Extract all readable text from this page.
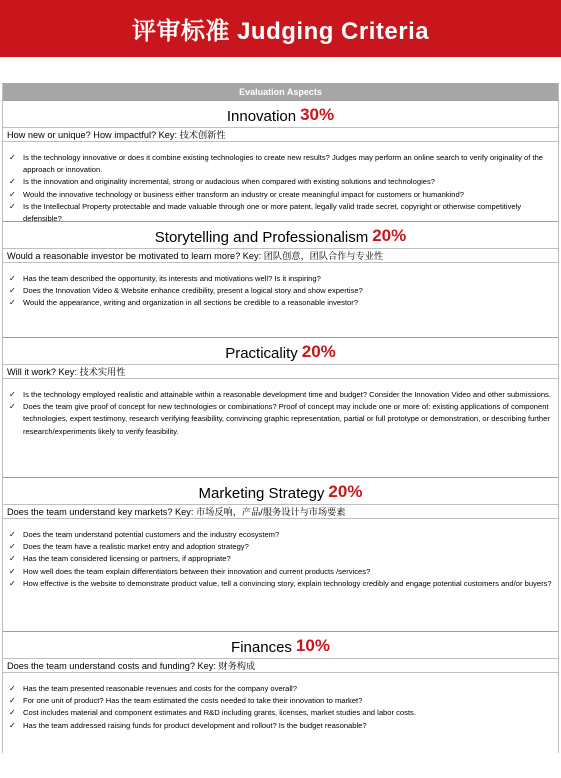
评审标准 Judging Criteria
Evaluation Aspects
Innovation 30%
How new or unique? How impactful? Key: 技术创新性
✓ Is the technology innovative or does it combine existing technologies to create new results? Judges may perform an online search to verify originality of the approach or innovation.
✓ Is the innovation and originality incremental, strong or audacious when compared with existing solutions and technologies?
✓ Would the innovative technology or business either transform an industry or create meaningful impact for customers or humankind?
✓ Is the Intellectual Property protectable and made valuable through one or more patent, legally valid trade secret, copyright or otherwise competitively defensible?
Storytelling and Professionalism 20%
Would a reasonable investor be motivated to learn more? Key: 团队创意，团队合作与专业性
✓ Has the team described the opportunity, its interests and motivations well? Is it inspiring?
✓ Does the Innovation Video & Website enhance credibility, present a logical story and show expertise?
✓ Would the appearance, writing and organization in all sections be credible to a reasonable investor?
Practicality 20%
Will it work? Key: 技术实用性
✓ Is the technology employed realistic and attainable within a reasonable development time and budget? Consider the Innovation Video and other submissions.
✓ Does the team give proof of concept for new technologies or combinations? Proof of concept may include one or more of: existing applications of component technologies, expert testimony, research verifying feasibility, convincing graphic representation, partial or full prototype or demonstration, or describing further research/experiments likely to verify feasibility.
Marketing Strategy 20%
Does the team understand key markets? Key: 市场反响，产品/服务设计与市场要素
✓ Does the team understand potential customers and the industry ecosystem?
✓ Does the team have a realistic market entry and adoption strategy?
✓ Has the team considered licensing or partners, if appropriate?
✓ How well does the team explain differentiators between their innovation and current products /services?
✓ How effective is the website to demonstrate product value, tell a convincing story, explain technology credibly and engage potential customers and/or buyers?
Finances 10%
Does the team understand costs and funding? Key: 财务构成
✓ Has the team presented reasonable revenues and costs for the company overall?
✓ For one unit of product? Has the team estimated the costs needed to take their innovation to market?
✓ Cost includes material and component estimates and R&D including grants, licenses, market studies and labor costs.
✓ Has the team addressed raising funds for product development and rollout? Is the budget reasonable?
